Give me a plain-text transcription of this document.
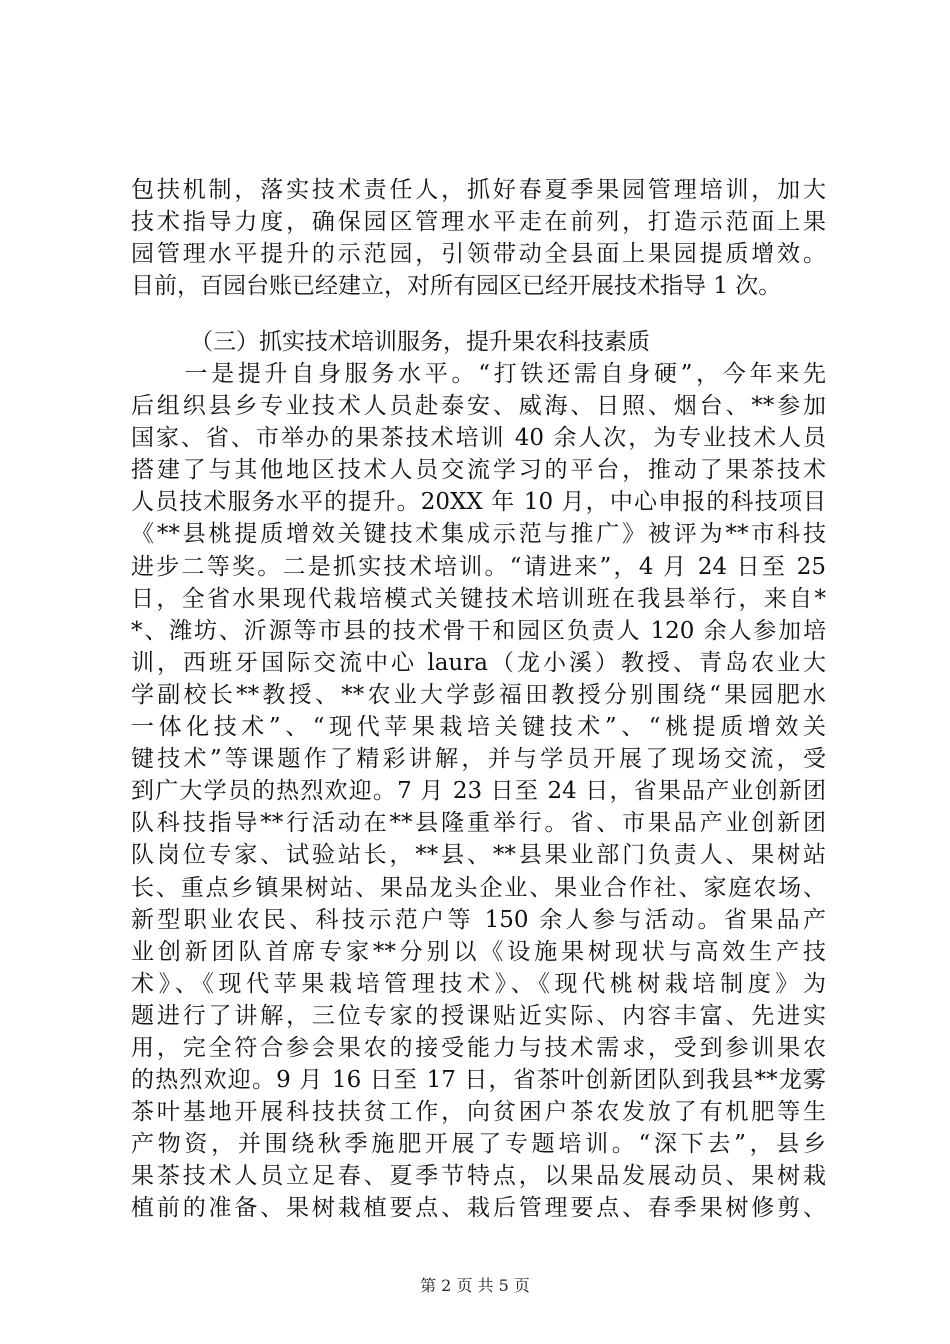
包扶机制，落实技术责任人，抓好春夏季果园管理培训，加大
技术指导力度，确保园区管理水平走在前列，打造示范面上果
园管理水平提升的示范园，引领带动全县面上果园提质增效。
目前，百园台账已经建立，对所有园区已经开展技术指导 1 次。
（三）抓实技术培训服务，提升果农科技素质
　　一是提升自身服务水平。“打铁还需自身硬”，今年来先
后组织县乡专业技术人员赴泰安、威海、日照、烟台、**参加
国家、省、市举办的果茶技术培训 40 余人次，为专业技术人员
搭建了与其他地区技术人员交流学习的平台，推动了果茶技术
人员技术服务水平的提升。20XX 年 10 月，中心申报的科技项目
《**县桃提质增效关键技术集成示范与推广》被评为**市科技
进步二等奖。二是抓实技术培训。“请进来”，4 月 24 日至 25
日，全省水果现代栽培模式关键技术培训班在我县举行，来自*
*、潍坊、沂源等市县的技术骨干和园区负责人 120 余人参加培
训，西班牙国际交流中心 laura（龙小溪）教授、青岛农业大
学副校长**教授、**农业大学彭福田教授分别围绕“果园肥水
一体化技术”、“现代苹果栽培关键技术”、“桃提质增效关
键技术”等课题作了精彩讲解，并与学员开展了现场交流，受
到广大学员的热烈欢迎。7 月 23 日至 24 日，省果品产业创新团
队科技指导**行活动在**县隆重举行。省、市果品产业创新团
队岗位专家、试验站长，**县、**县果业部门负责人、果树站
长、重点乡镇果树站、果品龙头企业、果业合作社、家庭农场、
新型职业农民、科技示范户等 150 余人参与活动。省果品产
业创新团队首席专家**分别以《设施果树现状与高效生产技
术》、《现代苹果栽培管理技术》、《现代桃树栽培制度》为
题进行了讲解，三位专家的授课贴近实际、内容丰富、先进实
用，完全符合参会果农的接受能力与技术需求，受到参训果农
的热烈欢迎。9 月 16 日至 17 日，省茶叶创新团队到我县**龙雾
茶叶基地开展科技扶贫工作，向贫困户茶农发放了有机肥等生
产物资，并围绕秋季施肥开展了专题培训。“深下去”，县乡
果茶技术人员立足春、夏季节特点，以果品发展动员、果树栽
植前的准备、果树栽植要点、栽后管理要点、春季果树修剪、
第 2 页 共 5 页
